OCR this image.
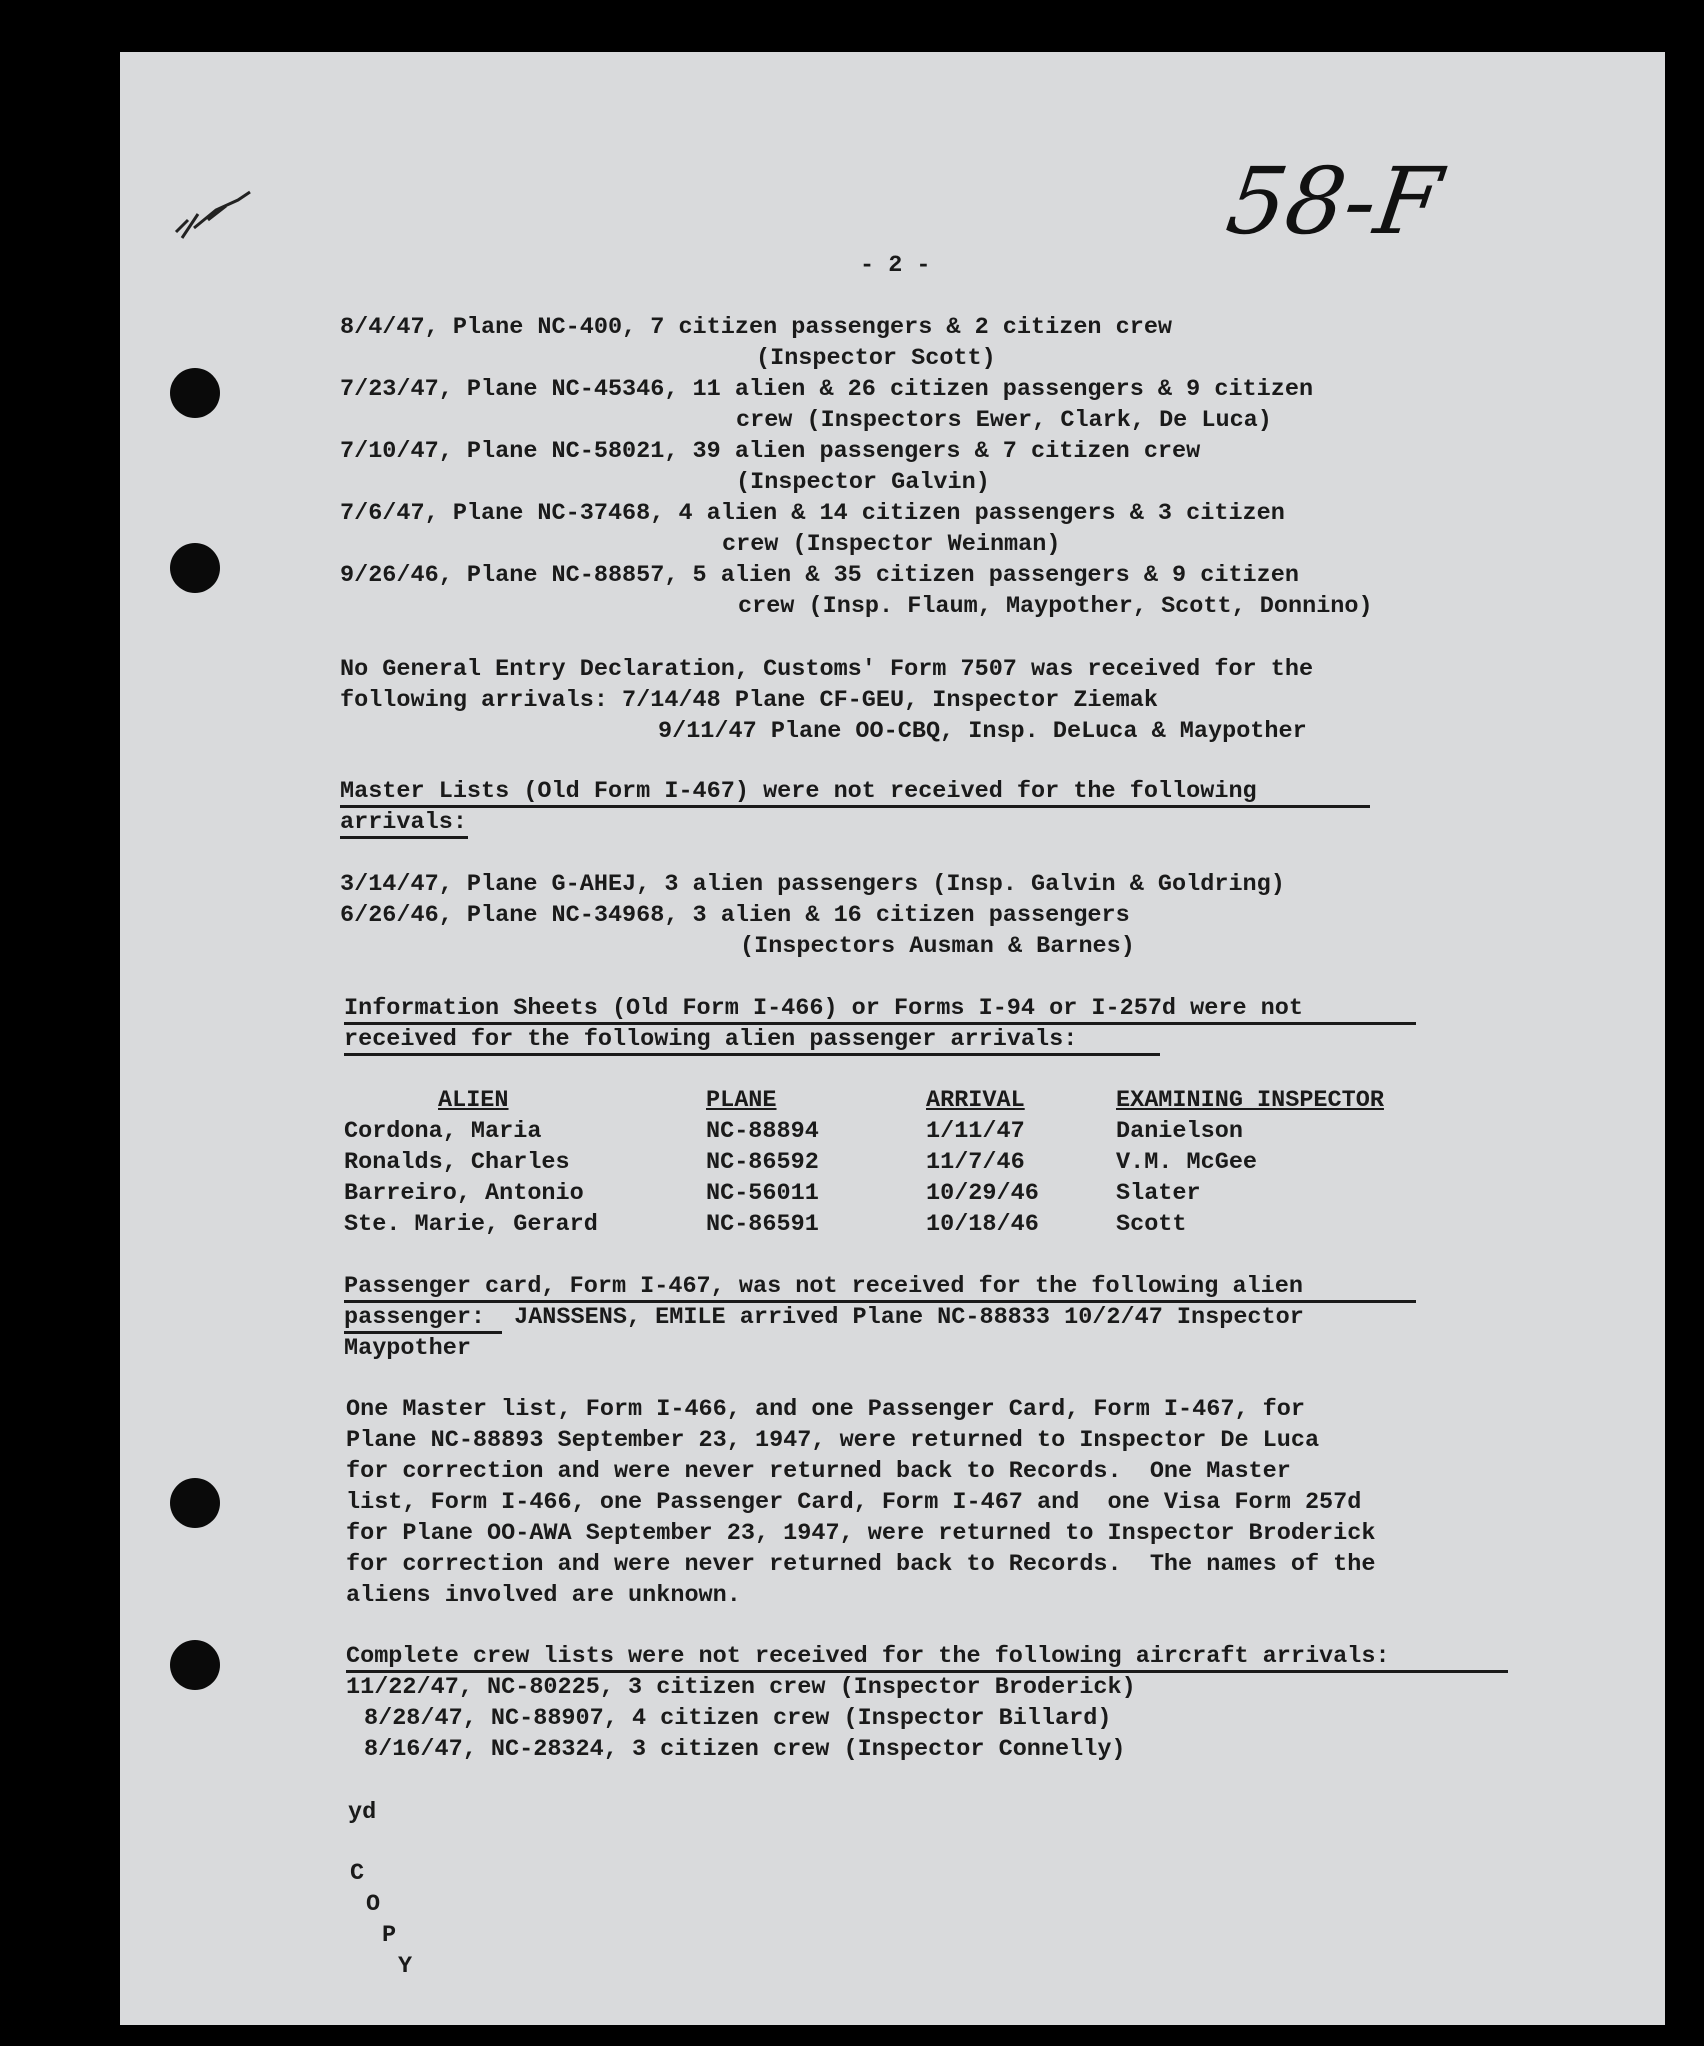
58-F
- 2 -
8/4/47, Plane NC-400, 7 citizen passengers & 2 citizen crew
(Inspector Scott)
7/23/47, Plane NC-45346, 11 alien & 26 citizen passengers & 9 citizen
crew (Inspectors Ewer, Clark, De Luca)
7/10/47, Plane NC-58021, 39 alien passengers & 7 citizen crew
(Inspector Galvin)
7/6/47, Plane NC-37468, 4 alien & 14 citizen passengers & 3 citizen
crew (Inspector Weinman)
9/26/46, Plane NC-88857, 5 alien & 35 citizen passengers & 9 citizen
crew (Insp. Flaum, Maypother, Scott, Donnino)
No General Entry Declaration, Customs' Form 7507 was received for the
following arrivals: 7/14/48 Plane CF-GEU, Inspector Ziemak
9/11/47 Plane OO-CBQ, Insp. DeLuca & Maypother
Master Lists (Old Form I-467) were not received for the following
arrivals:
3/14/47, Plane G-AHEJ, 3 alien passengers (Insp. Galvin & Goldring)
6/26/46, Plane NC-34968, 3 alien & 16 citizen passengers
(Inspectors Ausman & Barnes)
Information Sheets (Old Form I-466) or Forms I-94 or I-257d were not
received for the following alien passenger arrivals:
ALIEN	PLANE	ARRIVAL	EXAMINING INSPECTOR
Cordona, Maria	NC-88894	1/11/47	Danielson
Ronalds, Charles	NC-86592	11/7/46	V.M. McGee
Barreiro, Antonio	NC-56011	10/29/46	Slater
Ste. Marie, Gerard	NC-86591	10/18/46	Scott
Passenger card, Form I-467, was not received for the following alien
passenger: JANSSENS, EMILE arrived Plane NC-88833 10/2/47 Inspector
Maypother
One Master list, Form I-466, and one Passenger Card, Form I-467, for
Plane NC-88893 September 23, 1947, were returned to Inspector De Luca
for correction and were never returned back to Records.  One Master
list, Form I-466, one Passenger Card, Form I-467 and  one Visa Form 257d
for Plane OO-AWA September 23, 1947, were returned to Inspector Broderick
for correction and were never returned back to Records.  The names of the
aliens involved are unknown.
Complete crew lists were not received for the following aircraft arrivals:
11/22/47, NC-80225, 3 citizen crew (Inspector Broderick)
8/28/47, NC-88907, 4 citizen crew (Inspector Billard)
8/16/47, NC-28324, 3 citizen crew (Inspector Connelly)
yd
C
O
P
Y
